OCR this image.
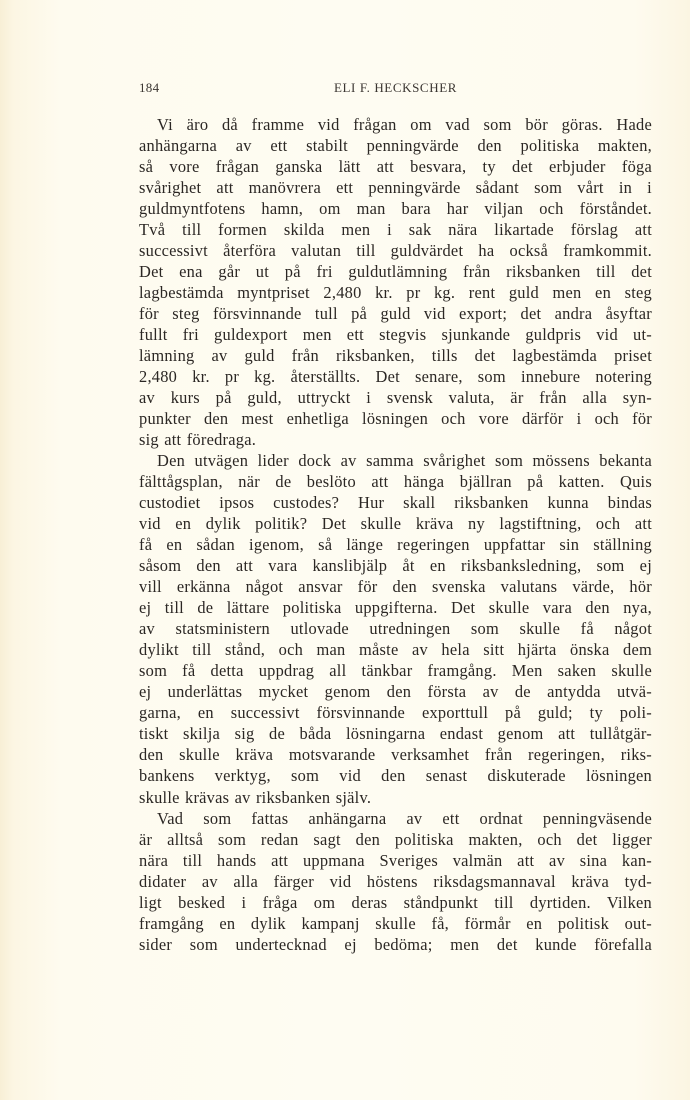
184	ELI F. HECKSCHER
Vi äro då framme vid frågan om vad som bör göras. Hade
anhängarna av ett stabilt penningvärde den politiska makten,
så vore frågan ganska lätt att besvara, ty det erbjuder föga
svårighet att manövrera ett penningvärde sådant som vårt in i
guldmyntfotens hamn, om man bara har viljan och förståndet.
Två till formen skilda men i sak nära likartade förslag att
successivt återföra valutan till guldvärdet ha också framkommit.
Det ena går ut på fri guldutlämning från riksbanken till det
lagbestämda myntpriset 2,480 kr. pr kg. rent guld men en steg
för steg försvinnande tull på guld vid export; det andra åsyftar
fullt fri guldexport men ett stegvis sjunkande guldpris vid ut-
lämning av guld från riksbanken, tills det lagbestämda priset
2,480 kr. pr kg. återställts. Det senare, som innebure notering
av kurs på guld, uttryckt i svensk valuta, är från alla syn-
punkter den mest enhetliga lösningen och vore därför i och för
sig att föredraga.
Den utvägen lider dock av samma svårighet som mössens bekanta
fälttågsplan, när de beslöto att hänga bjällran på katten. Quis
custodiet ipsos custodes? Hur skall riksbanken kunna bindas
vid en dylik politik? Det skulle kräva ny lagstiftning, och att
få en sådan igenom, så länge regeringen uppfattar sin ställning
såsom den att vara kanslibjälp åt en riksbanksledning, som ej
vill erkänna något ansvar för den svenska valutans värde, hör
ej till de lättare politiska uppgifterna. Det skulle vara den nya,
av statsministern utlovade utredningen som skulle få något
dylikt till stånd, och man måste av hela sitt hjärta önska dem
som få detta uppdrag all tänkbar framgång. Men saken skulle
ej underlättas mycket genom den första av de antydda utvä-
garna, en successivt försvinnande exporttull på guld; ty poli-
tiskt skilja sig de båda lösningarna endast genom att tullåtgär-
den skulle kräva motsvarande verksamhet från regeringen, riks-
bankens verktyg, som vid den senast diskuterade lösningen
skulle krävas av riksbanken själv.
Vad som fattas anhängarna av ett ordnat penningväsende
är alltså som redan sagt den politiska makten, och det ligger
nära till hands att uppmana Sveriges valmän att av sina kan-
didater av alla färger vid höstens riksdagsmannaval kräva tyd-
ligt besked i fråga om deras ståndpunkt till dyrtiden. Vilken
framgång en dylik kampanj skulle få, förmår en politisk out-
sider som undertecknad ej bedöma; men det kunde förefalla
